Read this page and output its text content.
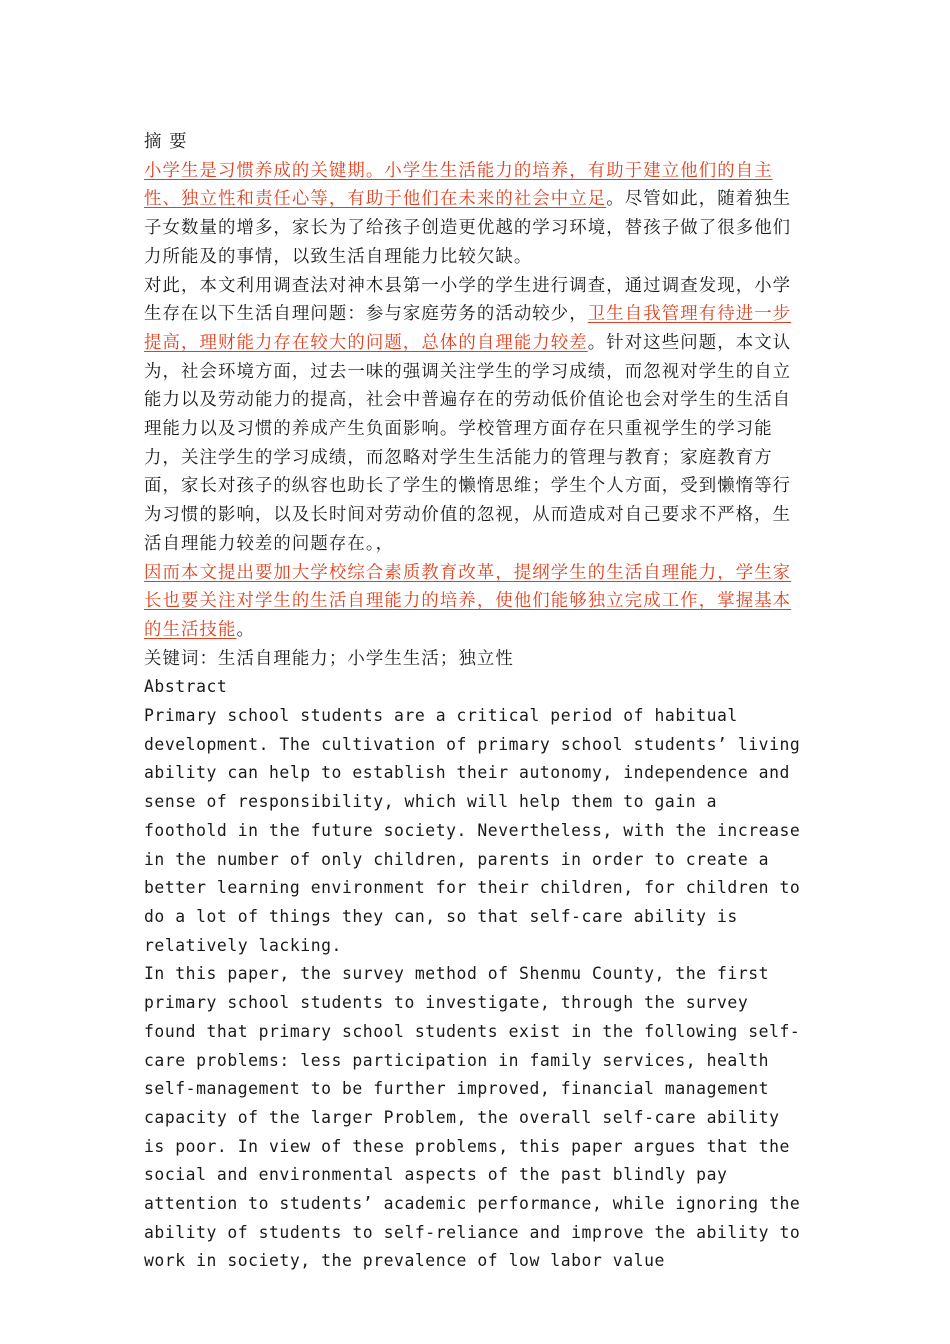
摘 要

小学生是习惯养成的关键期。小学生生活能力的培养，有助于建立他们的自主性、独立性和责任心等，有助于他们在未来的社会中立足。尽管如此，随着独生子女数量的增多，家长为了给孩子创造更优越的学习环境，替孩子做了很多他们力所能及的事情，以致生活自理能力比较欠缺。

对此，本文利用调查法对神木县第一小学的学生进行调查，通过调查发现，小学生存在以下生活自理问题：参与家庭劳务的活动较少，卫生自我管理有待进一步提高，理财能力存在较大的问题，总体的自理能力较差。针对这些问题，本文认为，社会环境方面，过去一味的强调关注学生的学习成绩，而忽视对学生的自立能力以及劳动能力的提高，社会中普遍存在的劳动低价值论也会对学生的生活自理能力以及习惯的养成产生负面影响。学校管理方面存在只重视学生的学习能力，关注学生的学习成绩，而忽略对学生生活能力的管理与教育；家庭教育方面，家长对孩子的纵容也助长了学生的懒惰思维；学生个人方面，受到懒惰等行为习惯的影响，以及长时间对劳动价值的忽视，从而造成对自己要求不严格，生活自理能力较差的问题存在。，

因而本文提出要加大学校综合素质教育改革，提纲学生的生活自理能力，学生家长也要关注对学生的生活自理能力的培养，使他们能够独立完成工作，掌握基本的生活技能。

关键词：生活自理能力；小学生生活；独立性

Abstract

Primary school students are a critical period of habitual development. The cultivation of primary school students’ living ability can help to establish their autonomy, independence and sense of responsibility, which will help them to gain a foothold in the future society. Nevertheless, with the increase in the number of only children, parents in order to create a better learning environment for their children, for children to do a lot of things they can, so that self-care ability is relatively lacking.

In this paper, the survey method of Shenmu County, the first primary school students to investigate, through the survey found that primary school students exist in the following self-care problems: less participation in family services, health self-management to be further improved, financial management capacity of the larger Problem, the overall self-care ability is poor. In view of these problems, this paper argues that the social and environmental aspects of the past blindly pay attention to students’ academic performance, while ignoring the ability of students to self-reliance and improve the ability to work in society, the prevalence of low labor value
